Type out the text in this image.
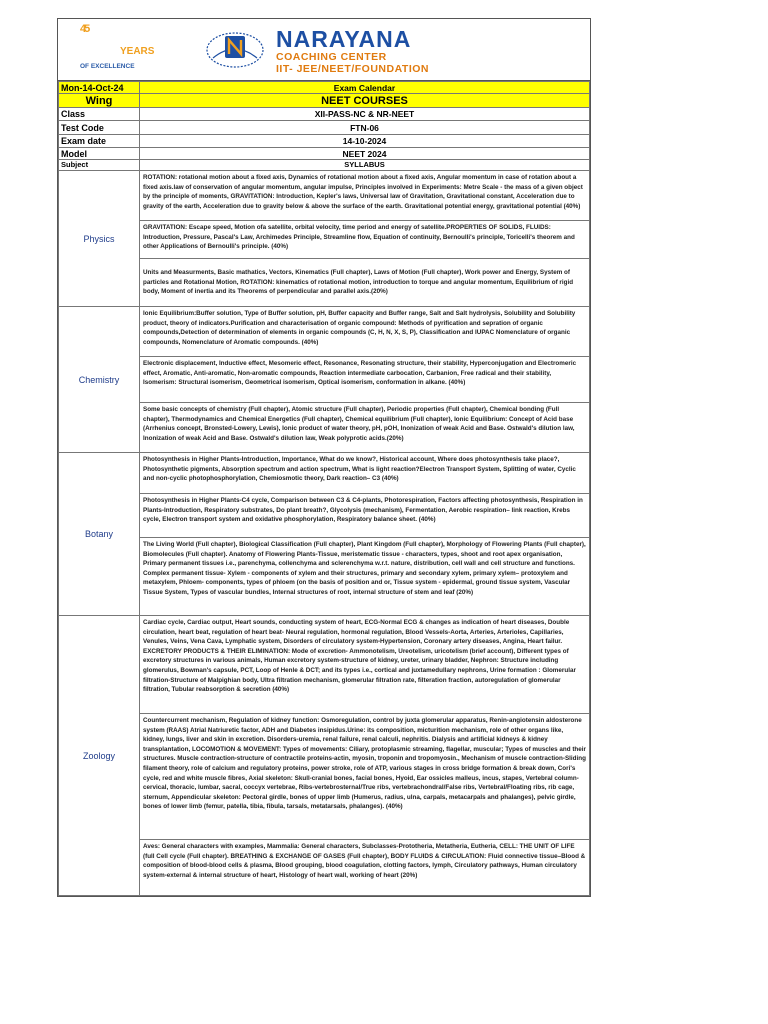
45
YEARS
OF EXCELLENCE
NARAYANA
COACHING CENTER
IIT- JEE/NEET/FOUNDATION
Mon-14-Oct-24	Exam Calendar
Wing	NEET COURSES
Class	XII-PASS-NC & NR-NEET
Test Code	FTN-06
Exam date	14-10-2024
Model	NEET 2024
Subject	SYLLABUS
Physics	ROTATION: rotational motion about a fixed axis, Dynamics of rotational motion about a fixed axis, Angular momentum in case of rotation about a fixed axis.law of conservation of angular momentum, angular impulse, Principles involved in Experiments: Metre Scale - the mass of a given object by the principle of moments, GRAVITATION: Introduction, Kepler's laws, Universal law of Gravitation, Gravitational constant, Acceleration due to gravity of the earth, Acceleration due to gravity below & above the surface of the earth. Gravitational potential energy, gravitational potential (40%)
	GRAVITATION: Escape speed, Motion ofa satellite, orbital velocity, time period and energy of satellite.PROPERTIES OF SOLIDS, FLUIDS: Introduction, Pressure, Pascal's Law, Archimedes Principle, Streamline flow, Equation of continuity, Bernoulli's principle, Toricelli's theorem and other Applications of Bernoulli's principle. (40%)
	Units and Measurments, Basic mathatics, Vectors, Kinematics (Full chapter), Laws of Motion (Full chapter), Work power and Energy, System of particles and Rotational Motion, ROTATION: kinematics of rotational motion, introduction to torque and angular momentum, Equilibrium of rigid body, Moment of inertia and its Theorems of perpendicular and parallel axis.(20%)
Chemistry	Ionic Equilibrium:Buffer solution, Type of Buffer solution, pH, Buffer capacity and Buffer range, Salt and Salt hydrolysis, Solubility and Solubility product, theory of indicators.Purification and characterisation of organic compound: Methods of pyrification and sepration of organic compounds,Detection of determination of elements in organic compounds (C, H, N, X, S, P), Classification and IUPAC Nomenclature of organic compounds, Nomenclature of Aromatic compounds. (40%)
	Electronic displacement, Inductive effect, Mesomeric effect, Resonance, Resonating structure, their stability, Hyperconjugation and Electromeric effect, Aromatic, Anti-aromatic, Non-aromatic compounds, Reaction intermediate carbocation, Carbanion, Free radical and their stability, Isomerism: Structural isomerism, Geometrical isomerism, Optical isomerism, conformation in alkane. (40%)
	Some basic concepts of chemistry (Full chapter), Atomic structure (Full chapter), Periodic properties (Full chapter), Chemical bonding (Full chapter), Thermodynamics and Chemical Energetics (Full chapter), Chemical equilibrium (Full chapter), Ionic Equilibrium: Concept of Acid base (Arrhenius concept, Bronsted-Lowery, Lewis), Ionic product of water theory, pH, pOH, Inonization of weak Acid and Base. Ostwald's dilution law, Inonization of weak Acid and Base. Ostwald's dilution law, Weak polyprotic acids.(20%)
Botany	Photosynthesis in Higher Plants-Introduction, Importance, What do we know?, Historical account, Where does photosynthesis take place?, Photosynthetic pigments, Absorption spectrum and action spectrum, What is light reaction?Electron Transport System, Splitting of water, Cyclic and non-cyclic photophosphorylation, Chemiosmotic theory, Dark reaction– C3 (40%)
	Photosynthesis in Higher Plants-C4 cycle, Comparison between C3 & C4-plants, Photorespiration, Factors affecting photosynthesis, Respiration in Plants-Introduction, Respiratory substrates, Do plant breath?, Glycolysis (mechanism), Fermentation, Aerobic respiration– link reaction, Krebs cycle, Electron transport system and oxidative phosphorylation, Respiratory balance sheet. (40%)
	The Living World (Full chapter), Biological Classification (Full chapter), Plant Kingdom (Full chapter), Morphology of Flowering Plants (Full chapter), Biomolecules (Full chapter). Anatomy of Flowering Plants-Tissue, meristematic tissue - characters, types, shoot and root apex organisation, Primary permanent tissues i.e., parenchyma, collenchyma and sclerenchyma w.r.t. nature, distribution, cell wall and cell structure and functions. Complex permanent tissue- Xylem - components of xylem and their structures, primary and secondary xylem, primary xylem– protoxylem and metaxylem, Phloem- components, types of phloem (on the basis of position and or, Tissue system - epidermal, ground tissue system, Vascular Tissue System, Types of vascular bundles, Internal structures of root, internal structure of stem and leaf (20%)
Zoology	Cardiac cycle, Cardiac output, Heart sounds, conducting system of heart, ECG-Normal ECG & changes as indication of heart diseases, Double circulation, heart beat, regulation of heart beat- Neural regulation, hormonal regulation, Blood Vessels-Aorta, Arteries, Arterioles, Capillaries, Venules, Veins, Vena Cava, Lymphatic system, Disorders of circulatory system-Hypertension, Coronary artery diseases, Angina, Heart failur. EXCRETORY PRODUCTS & THEIR ELIMINATION: Mode of excretion- Ammonotelism, Ureotelism, uricotelism (brief account), Different types of excretory structures in various animals, Human excretory system-structure of kidney, ureter, urinary bladder, Nephron: Structure including glomerulus, Bowman's capsule, PCT, Loop of Henle & DCT; and its types i.e., cortical and juxtamedullary nephrons, Urine formation : Glomerular filtration-Structure of Malpighian body, Ultra filtration mechanism, glomerular filtration rate, filteration fraction, autoregulation of glomerular filtration, Tubular reabsorption & secretion (40%)
	Countercurrent mechanism, Regulation of kidney function: Osmoregulation, control by juxta glomerular apparatus, Renin-angiotensin aldosterone system (RAAS) Atrial Natriuretic factor, ADH and Diabetes insipidus.Urine: its composition, micturition mechanism, role of other organs like, kidney, lungs, liver and skin in excretion. Disorders-uremia, renal failure, renal calculi, nephritis. Dialysis and artificial kidneys & kidney transplantation, LOCOMOTION & MOVEMENT: Types of movements: Ciliary, protoplasmic streaming, flagellar, muscular; Types of muscles and their structures. Muscle contraction-structure of contractile proteins-actin, myosin, troponin and tropomyosin., Mechanism of muscle contraction-Sliding filament theory, role of calcium and regulatory proteins, power stroke, role of ATP, various stages in cross bridge formation & break down, Cori's cycle, red and white muscle fibres, Axial skeleton: Skull-cranial bones, facial bones, Hyoid, Ear ossicles malleus, incus, stapes, Vertebral column-cervical, thoracic, lumbar, sacral, coccyx vertebrae, Ribs-vertebrosternal/True ribs, vertebrachondral/False ribs, Vertebral/Floating ribs, rib cage, sternum, Appendicular skeleton: Pectoral girdle, bones of upper limb (Humerus, radius, ulna, carpals, metacarpals and phalanges), pelvic girdle, bones of lower limb (femur, patella, tibia, fibula, tarsals, metatarsals, phalanges). (40%)
	Aves: General characters with examples, Mammalia: General characters, Subclasses-Prototheria, Metatheria, Eutheria, CELL: THE UNIT OF LIFE (full Cell cycle (Full chapter). BREATHING & EXCHANGE OF GASES (Full chapter), BODY FLUIDS & CIRCULATION: Fluid connective tissue–Blood & composition of blood-blood cells & plasma, Blood grouping, blood coagulation, clotting factors, lymph, Circulatory pathways, Human circulatory system-external & internal structure of heart, Histology of heart wall, working of heart (20%)
